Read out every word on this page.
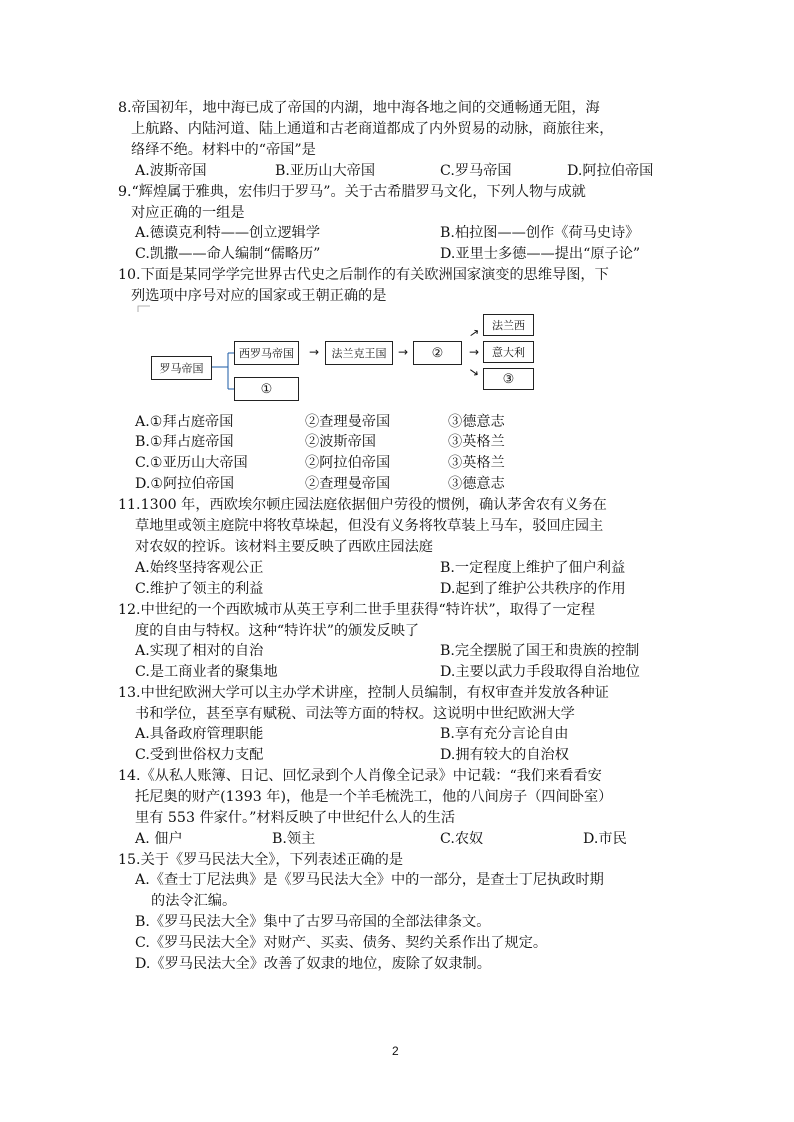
8.帝国初年，地中海已成了帝国的内湖，地中海各地之间的交通畅通无阻，海
上航路、内陆河道、陆上通道和古老商道都成了内外贸易的动脉，商旅往来，
络绎不绝。材料中的“帝国”是
A.波斯帝国	B.亚历山大帝国	C.罗马帝国	D.阿拉伯帝国
9.“辉煌属于雅典，宏伟归于罗马”。关于古希腊罗马文化，下列人物与成就
对应正确的一组是
A.德谟克利特——创立逻辑学	B.柏拉图——创作《荷马史诗》
C.凯撒——命人编制“儒略历”	D.亚里士多德——提出“原子论”
10.下面是某同学学完世界古代史之后制作的有关欧洲国家演变的思维导图，下
列选项中序号对应的国家或王朝正确的是
罗马帝国
西罗马帝国
①
→	法兰克王国 →	②
→
→
→
法兰西
意大利
③
A.①拜占庭帝国	②查理曼帝国	③德意志
B.①拜占庭帝国	②波斯帝国	③英格兰
C.①亚历山大帝国	②阿拉伯帝国	③英格兰
D.①阿拉伯帝国	②查理曼帝国	③德意志
11.1300 年，西欧埃尔顿庄园法庭依据佃户劳役的惯例，确认茅舍农有义务在
草地里或领主庭院中将牧草垛起，但没有义务将牧草装上马车，驳回庄园主
对农奴的控诉。该材料主要反映了西欧庄园法庭
A.始终坚持客观公正	B.一定程度上维护了佃户利益
C.维护了领主的利益	D.起到了维护公共秩序的作用
12.中世纪的一个西欧城市从英王亨利二世手里获得“特许状”，取得了一定程
度的自由与特权。这种“特许状”的颁发反映了
A.实现了相对的自治	B.完全摆脱了国王和贵族的控制
C.是工商业者的聚集地	D.主要以武力手段取得自治地位
13.中世纪欧洲大学可以主办学术讲座，控制人员编制，有权审查并发放各种证
书和学位，甚至享有赋税、司法等方面的特权。这说明中世纪欧洲大学
A.具备政府管理职能	B.享有充分言论自由
C.受到世俗权力支配	D.拥有较大的自治权
14.《从私人账簿、日记、回忆录到个人肖像全记录》中记载：“我们来看看安
托尼奥的财产(1393 年)，他是一个羊毛梳洗工，他的八间房子（四间卧室）
里有 553 件家什。”材料反映了中世纪什么人的生活
A. 佃户	B.领主	C.农奴	D.市民
15.关于《罗马民法大全》，下列表述正确的是
A.《查士丁尼法典》是《罗马民法大全》中的一部分，是查士丁尼执政时期
的法令汇编。
B.《罗马民法大全》集中了古罗马帝国的全部法律条文。
C.《罗马民法大全》对财产、买卖、债务、契约关系作出了规定。
D.《罗马民法大全》改善了奴隶的地位，废除了奴隶制。
2
